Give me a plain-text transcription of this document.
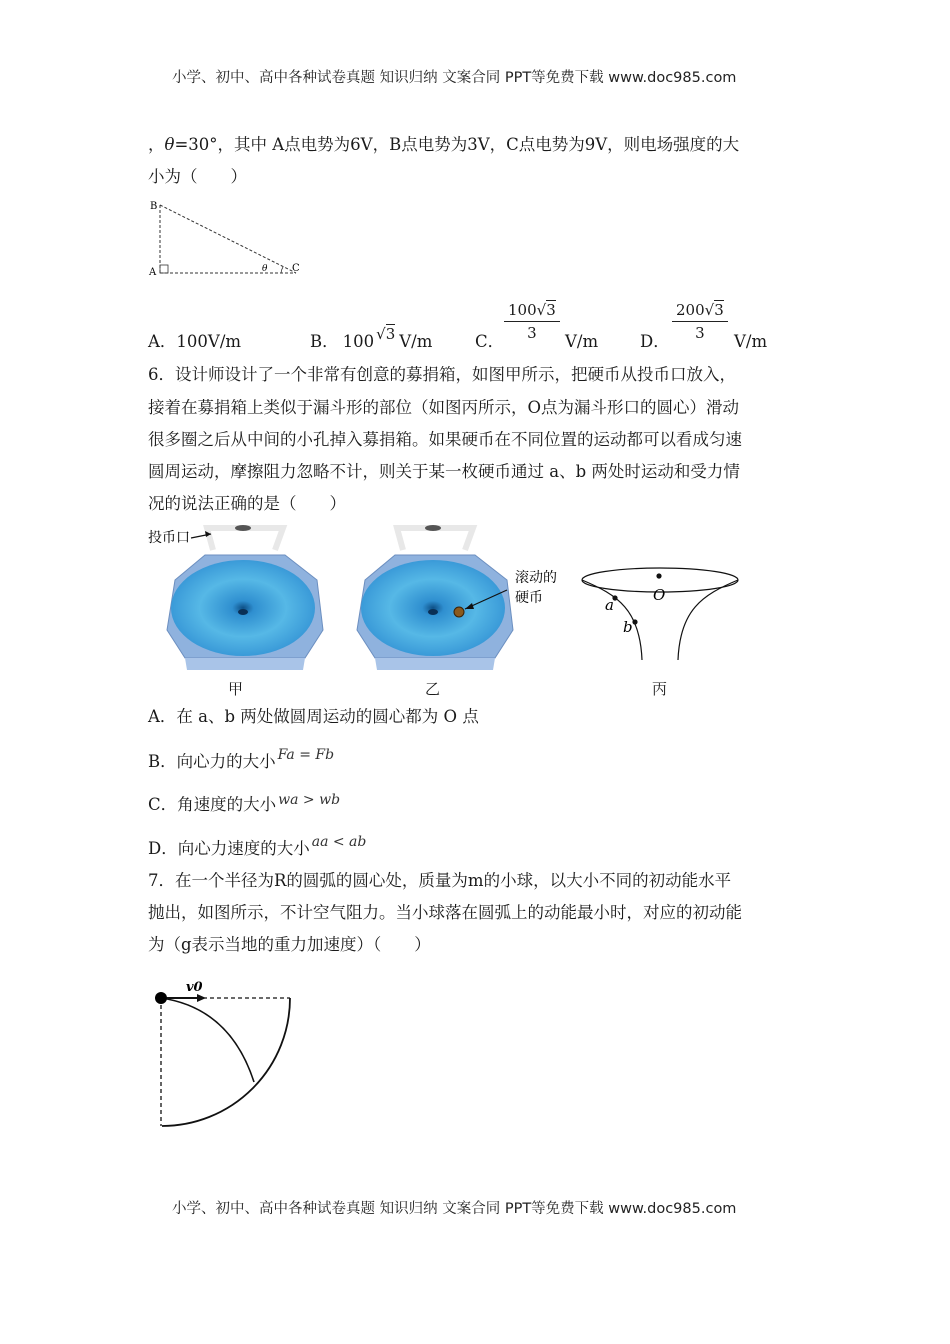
小学、初中、高中各种试卷真题 知识归纳 文案合同 PPT等免费下载 www.doc985.com
，θ=30°，其中 A点电势为6V，B点电势为3V，C点电势为9V，则电场强度的大
小为（　　）
B
A	C
θ
A．100V/m	B． 100 √3 V/m	C． $\frac{100√3}{3} V/m$	D． $\frac{200√3}{3} V/m$
6．设计师设计了一个非常有创意的募捐箱，如图甲所示，把硬币从投币口放入，
接着在募捐箱上类似于漏斗形的部位（如图丙所示，O点为漏斗形口的圆心）滑动
很多圈之后从中间的小孔掉入募捐箱。如果硬币在不同位置的运动都可以看成匀速
圆周运动，摩擦阻力忽略不计，则关于某一枚硬币通过 a、b 两处时运动和受力情
况的说法正确的是（　　）
投币口
滚动的
硬币	O
a
b
甲	乙	丙
A．在 a、b 两处做圆周运动的圆心都为 O 点
B．向心力的大小 $^{Fa = Fb}$
C．角速度的大小 $^{wa > wb}$
D．向心力速度的大小 $^{aa < ab}$
7．在一个半径为R的圆弧的圆心处，质量为m的小球，以大小不同的初动能水平
抛出，如图所示，不计空气阻力。当小球落在圆弧上的动能最小时，对应的初动能
为（g表示当地的重力加速度）（　　）
v0
小学、初中、高中各种试卷真题 知识归纳 文案合同 PPT等免费下载 www.doc985.com
